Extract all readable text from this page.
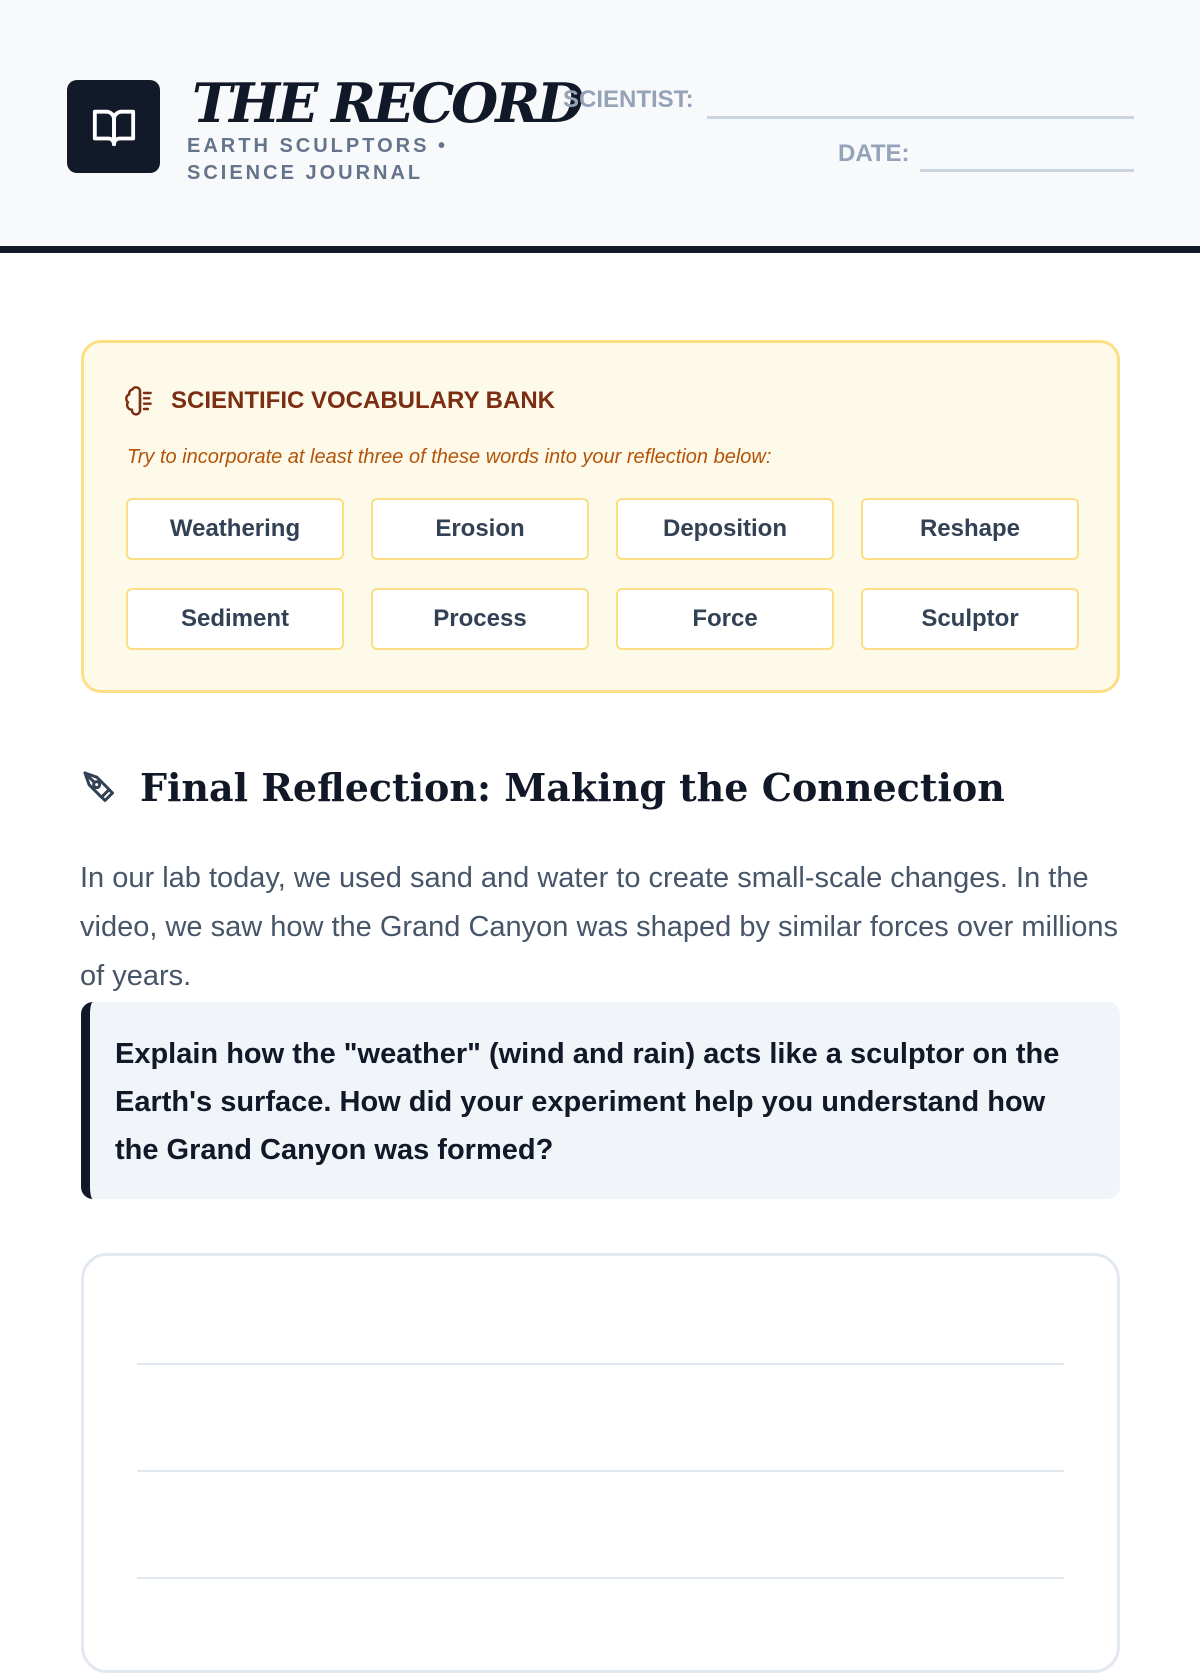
THE RECORD
EARTH SCULPTORS • SCIENCE JOURNAL
SCIENTIST:
DATE:
SCIENTIFIC VOCABULARY BANK
Try to incorporate at least three of these words into your reflection below:
Weathering	Erosion	Deposition	Reshape
Sediment	Process	Force	Sculptor
Final Reflection: Making the Connection
In our lab today, we used sand and water to create small-scale changes. In the video, we saw how the Grand Canyon was shaped by similar forces over millions of years.
Explain how the "weather" (wind and rain) acts like a sculptor on the Earth's surface. How did your experiment help you understand how the Grand Canyon was formed?
